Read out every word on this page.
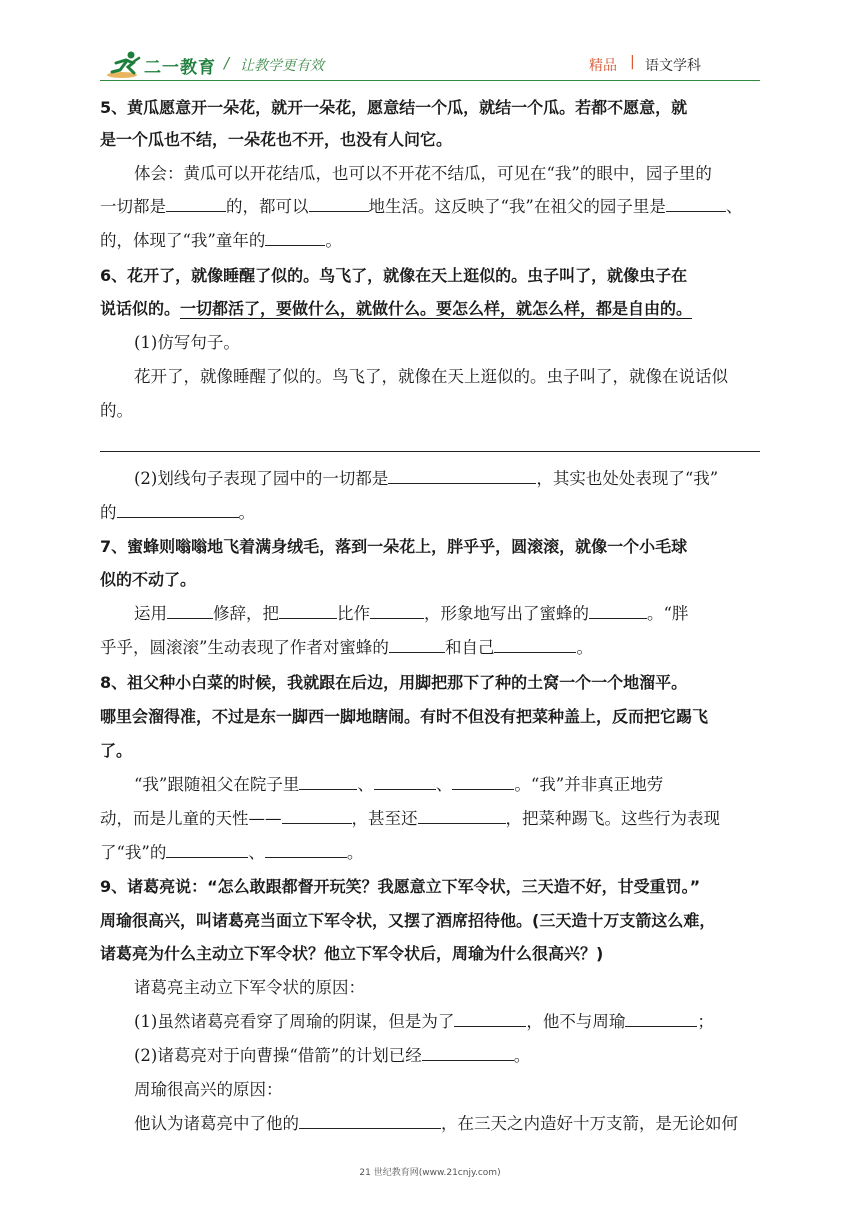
二一教育 / 让教学更有效	精品 | 语文学科
5、黄瓜愿意开一朵花，就开一朵花，愿意结一个瓜，就结一个瓜。若都不愿意，就
是一个瓜也不结，一朵花也不开，也没有人问它。
体会：黄瓜可以开花结瓜，也可以不开花不结瓜，可见在“我”的眼中，园子里的
一切都是	的，都可以	地生活。这反映了“我”在祖父的园子里是	、
的，体现了“我”童年的	。
6、花开了，就像睡醒了似的。鸟飞了，就像在天上逛似的。虫子叫了，就像虫子在
说话似的。一切都活了，要做什么，就做什么。要怎么样，就怎么样，都是自由的。
(1)仿写句子。
花开了，就像睡醒了似的。鸟飞了，就像在天上逛似的。虫子叫了，就像在说话似
的。
(2)划线句子表现了园中的一切都是	，其实也处处表现了“我”
的	。
7、蜜蜂则嗡嗡地飞着满身绒毛，落到一朵花上，胖乎乎，圆滚滚，就像一个小毛球
似的不动了。
运用	修辞，把	比作	，形象地写出了蜜蜂的	。“胖
乎乎，圆滚滚”生动表现了作者对蜜蜂的	和自己	。
8、祖父种小白菜的时候，我就跟在后边，用脚把那下了种的土窝一个一个地溜平。
哪里会溜得准，不过是东一脚西一脚地瞎闹。有时不但没有把菜种盖上，反而把它踢飞
了。
“我”跟随祖父在院子里	、	、	。“我”并非真正地劳
动，而是儿童的天性——	，甚至还	，把菜种踢飞。这些行为表现
了“我”的	、	。
9、诸葛亮说：“怎么敢跟都督开玩笑？我愿意立下军令状，三天造不好，甘受重罚。”
周瑜很高兴，叫诸葛亮当面立下军令状，又摆了酒席招待他。(三天造十万支箭这么难，
诸葛亮为什么主动立下军令状？他立下军令状后，周瑜为什么很高兴？)
诸葛亮主动立下军令状的原因：
(1)虽然诸葛亮看穿了周瑜的阴谋，但是为了	，他不与周瑜	；
(2)诸葛亮对于向曹操“借箭”的计划已经	。
周瑜很高兴的原因：
他认为诸葛亮中了他的	，在三天之内造好十万支箭，是无论如何
21 世纪教育网(www.21cnjy.com)
